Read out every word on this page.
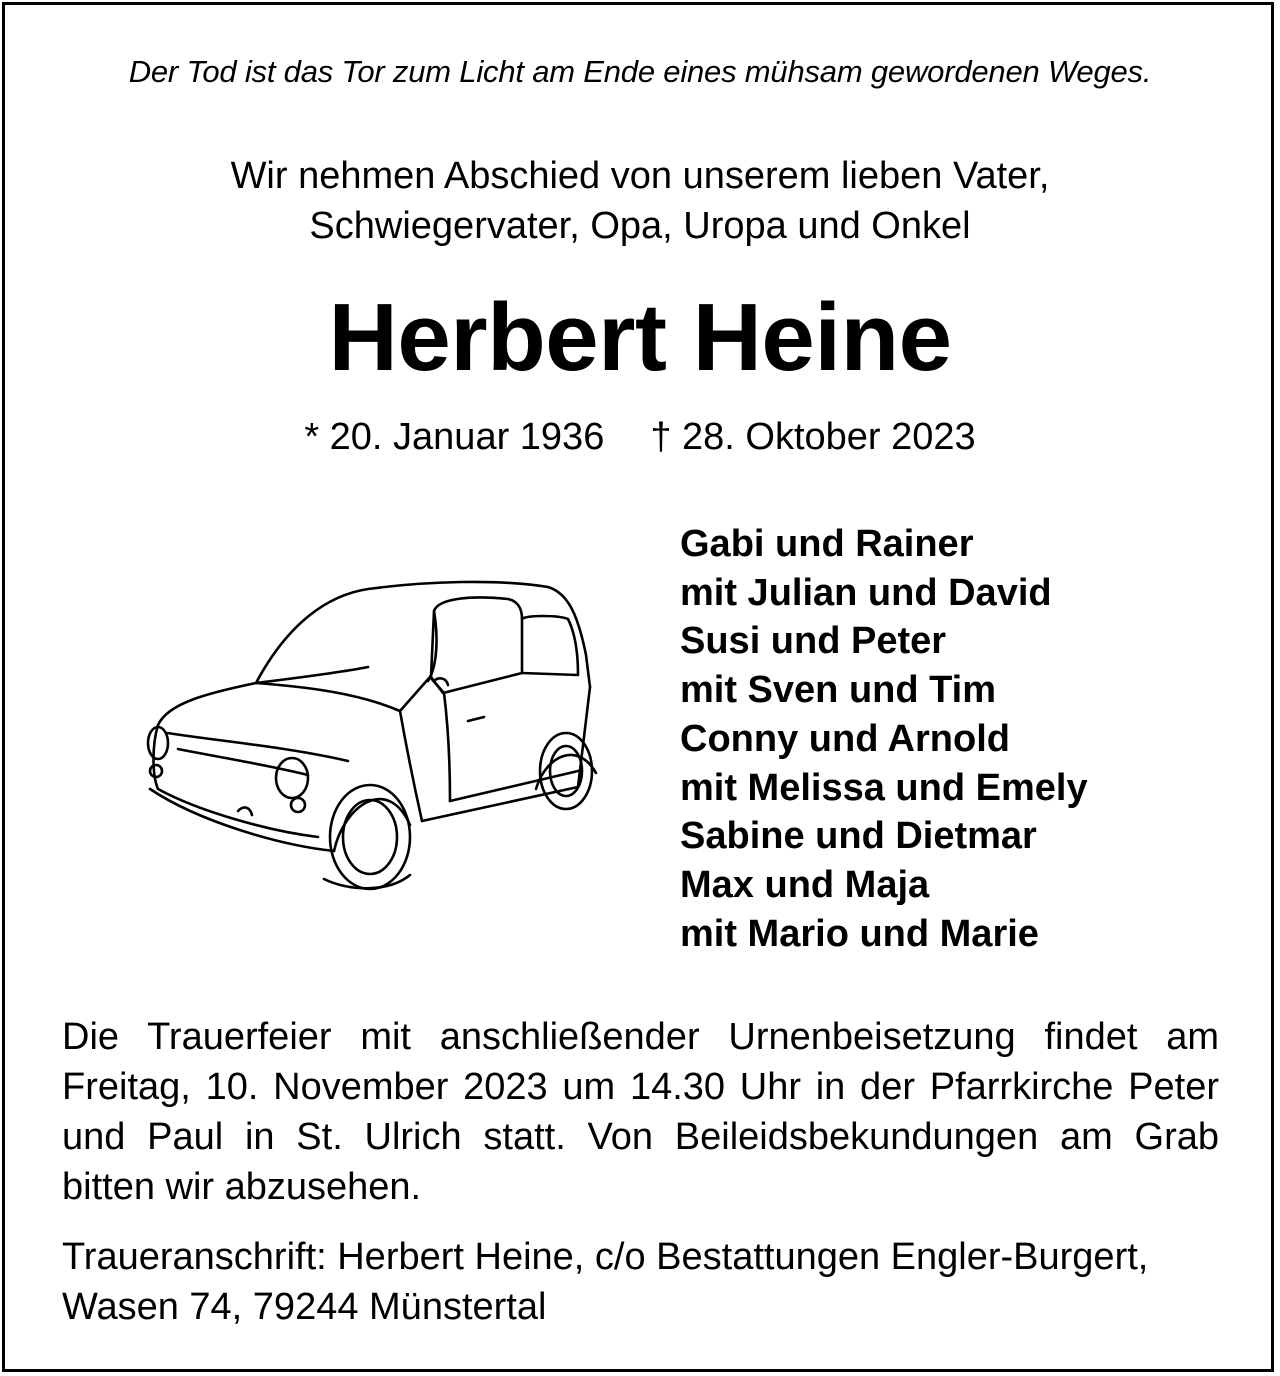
Der Tod ist das Tor zum Licht am Ende eines mühsam gewordenen Weges.
Wir nehmen Abschied von unserem lieben Vater,
Schwiegervater, Opa, Uropa und Onkel
Herbert Heine
* 20. Januar 1936 † 28. Oktober 2023
Gabi und Rainer
mit Julian und David
Susi und Peter
mit Sven und Tim
Conny und Arnold
mit Melissa und Emely
Sabine und Dietmar
Max und Maja
mit Mario und Marie
Die Trauerfeier mit anschließender Urnenbeisetzung findet am Freitag, 10. November 2023 um 14.30 Uhr in der Pfarrkirche Peter und Paul in St. Ulrich statt. Von Beileidsbekundungen am Grab bitten wir abzusehen.
Traueranschrift: Herbert Heine, c/o Bestattungen Engler-Burgert,
Wasen 74, 79244 Münstertal
